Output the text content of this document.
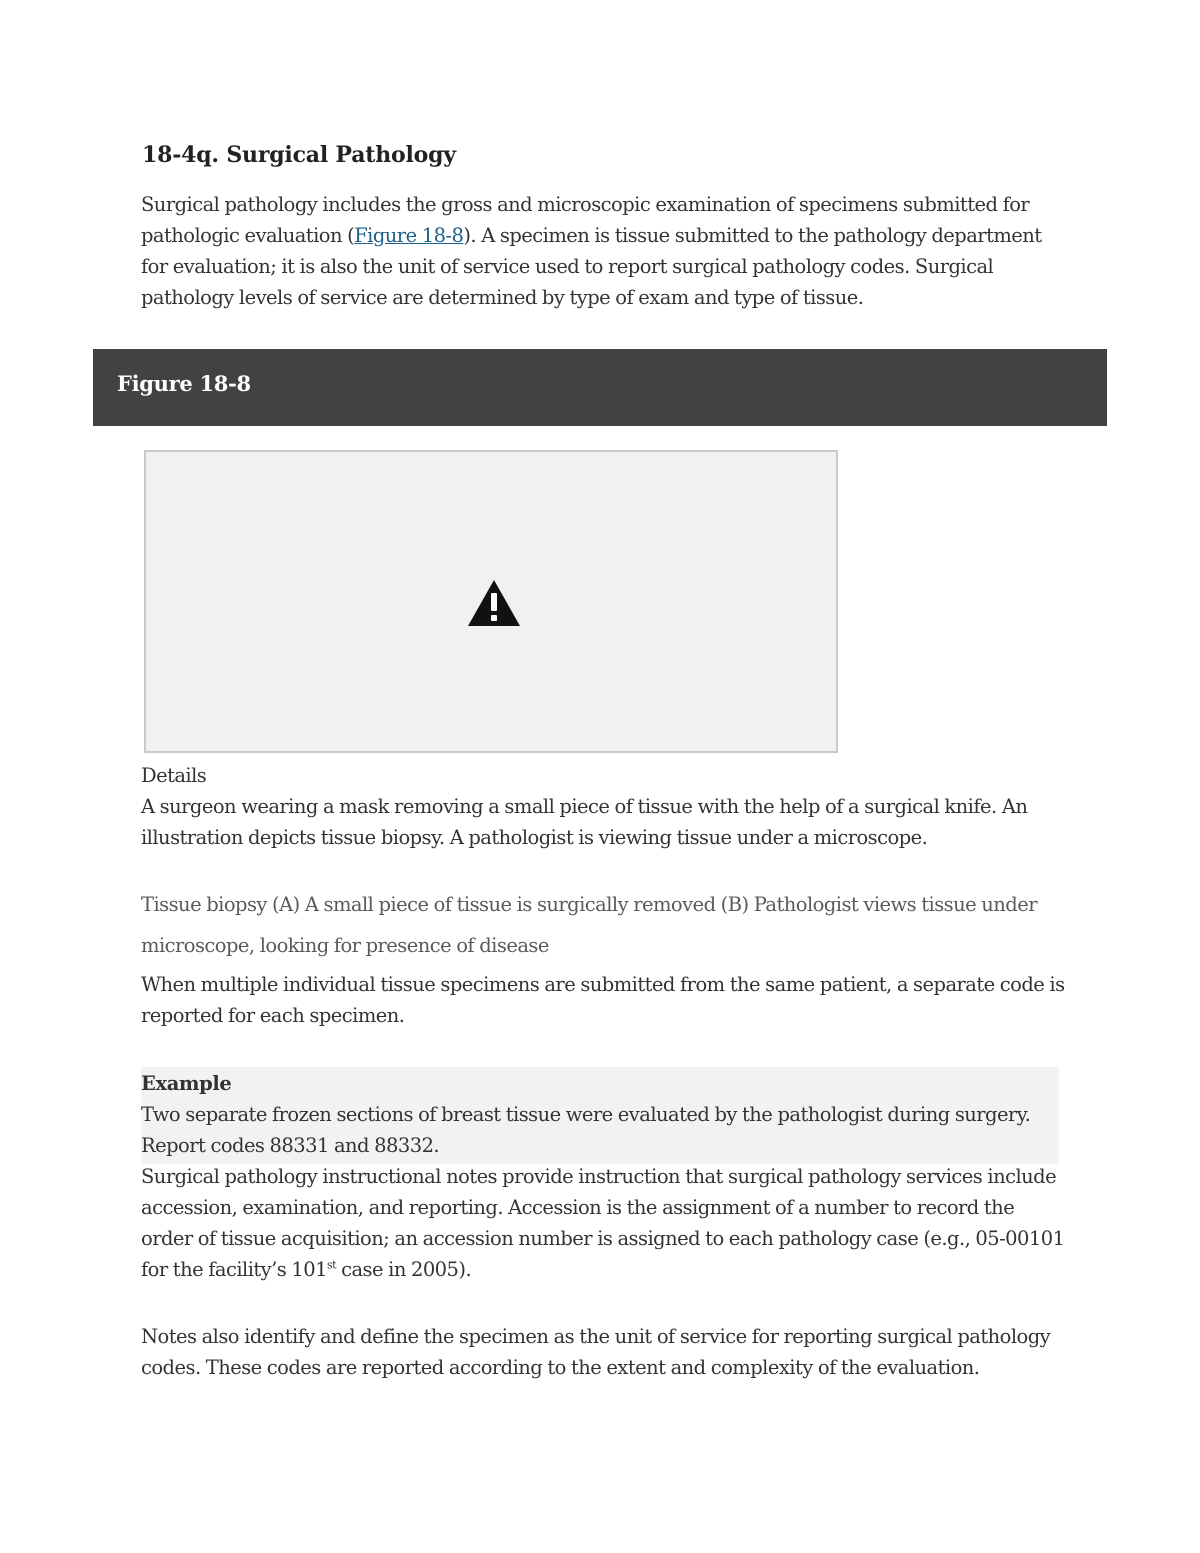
18-4q. Surgical Pathology
Surgical pathology includes the gross and microscopic examination of specimens submitted for pathologic evaluation (Figure 18-8). A specimen is tissue submitted to the pathology department for evaluation; it is also the unit of service used to report surgical pathology codes. Surgical pathology levels of service are determined by type of exam and type of tissue.
Figure 18-8
Details
A surgeon wearing a mask removing a small piece of tissue with the help of a surgical knife. An illustration depicts tissue biopsy. A pathologist is viewing tissue under a microscope.
Tissue biopsy (A) A small piece of tissue is surgically removed (B) Pathologist views tissue under microscope, looking for presence of disease
When multiple individual tissue specimens are submitted from the same patient, a separate code is reported for each specimen.
Example
Two separate frozen sections of breast tissue were evaluated by the pathologist during surgery. Report codes 88331 and 88332.
Surgical pathology instructional notes provide instruction that surgical pathology services include accession, examination, and reporting. Accession is the assignment of a number to record the order of tissue acquisition; an accession number is assigned to each pathology case (e.g., 05-00101 for the facility’s 101st case in 2005).
Notes also identify and define the specimen as the unit of service for reporting surgical pathology codes. These codes are reported according to the extent and complexity of the evaluation.
